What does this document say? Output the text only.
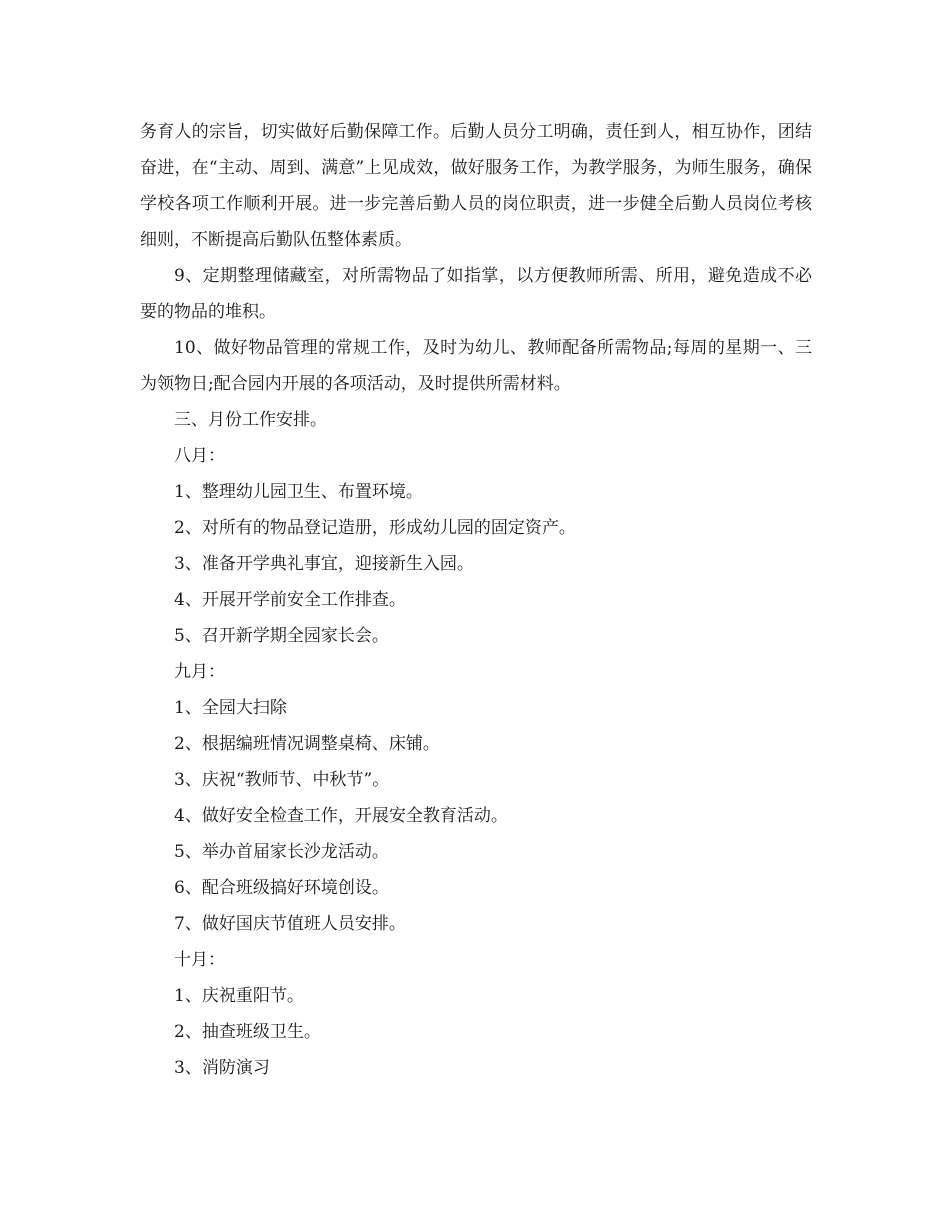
务育人的宗旨，切实做好后勤保障工作。后勤人员分工明确，责任到人，相互协作，团结奋进，在“主动、周到、满意”上见成效，做好服务工作，为教学服务，为师生服务，确保学校各项工作顺利开展。进一步完善后勤人员的岗位职责，进一步健全后勤人员岗位考核细则，不断提高后勤队伍整体素质。

9、定期整理储藏室，对所需物品了如指掌，以方便教师所需、所用，避免造成不必要的物品的堆积。

10、做好物品管理的常规工作，及时为幼儿、教师配备所需物品;每周的星期一、三为领物日;配合园内开展的各项活动，及时提供所需材料。

三、月份工作安排。

八月：

1、整理幼儿园卫生、布置环境。

2、对所有的物品登记造册，形成幼儿园的固定资产。

3、准备开学典礼事宜，迎接新生入园。

4、开展开学前安全工作排查。

5、召开新学期全园家长会。

九月：

1、全园大扫除

2、根据编班情况调整桌椅、床铺。

3、庆祝“教师节、中秋节”。

4、做好安全检查工作，开展安全教育活动。

5、举办首届家长沙龙活动。

6、配合班级搞好环境创设。

7、做好国庆节值班人员安排。

十月：

1、庆祝重阳节。

2、抽查班级卫生。

3、消防演习
